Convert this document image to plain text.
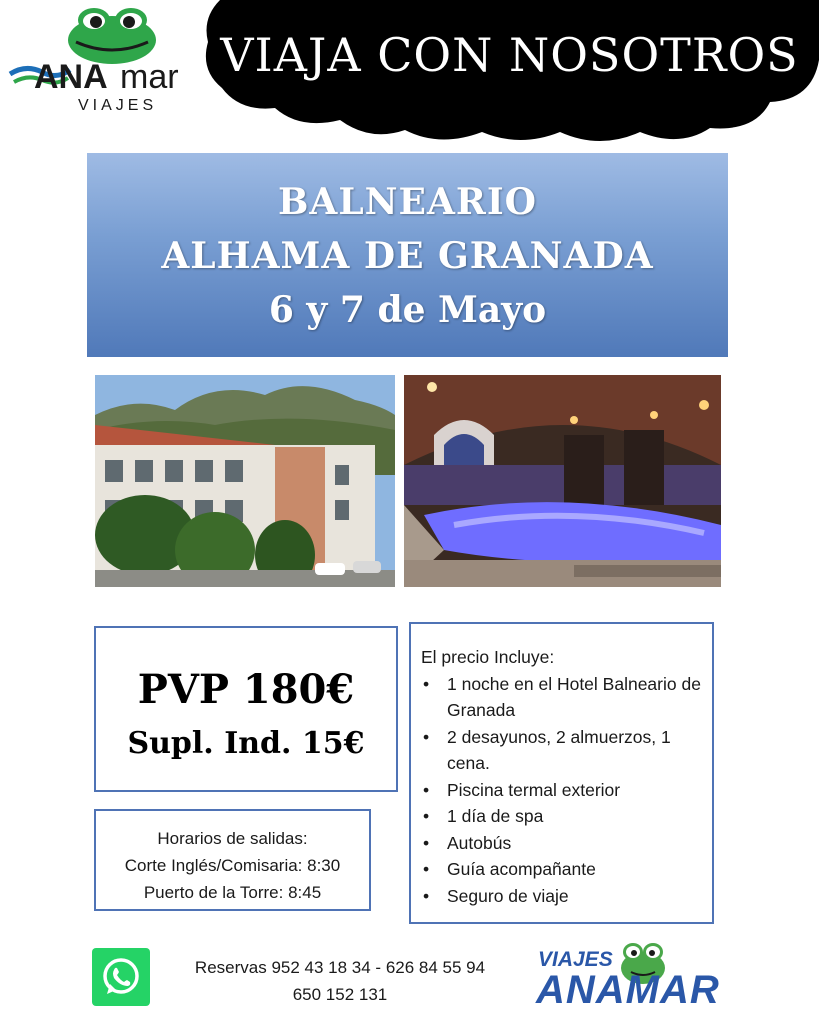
ANA mar
VIAJES
VIAJA CON NOSOTROS
BALNEARIO
ALHAMA DE GRANADA
6 y 7 de Mayo
PVP 180€
Supl. Ind. 15€
Horarios de salidas:
Corte Inglés/Comisaria: 8:30
Puerto de la Torre: 8:45
El precio Incluye:
• 1 noche en el Hotel Balneario de Granada
• 2 desayunos, 2 almuerzos, 1 cena.
• Piscina termal exterior
• 1 día de spa
• Autobús
• Guía acompañante
• Seguro de viaje
Reservas 952 43 18 34 - 626 84 55 94
650 152 131
VIAJES
ANAMAR
